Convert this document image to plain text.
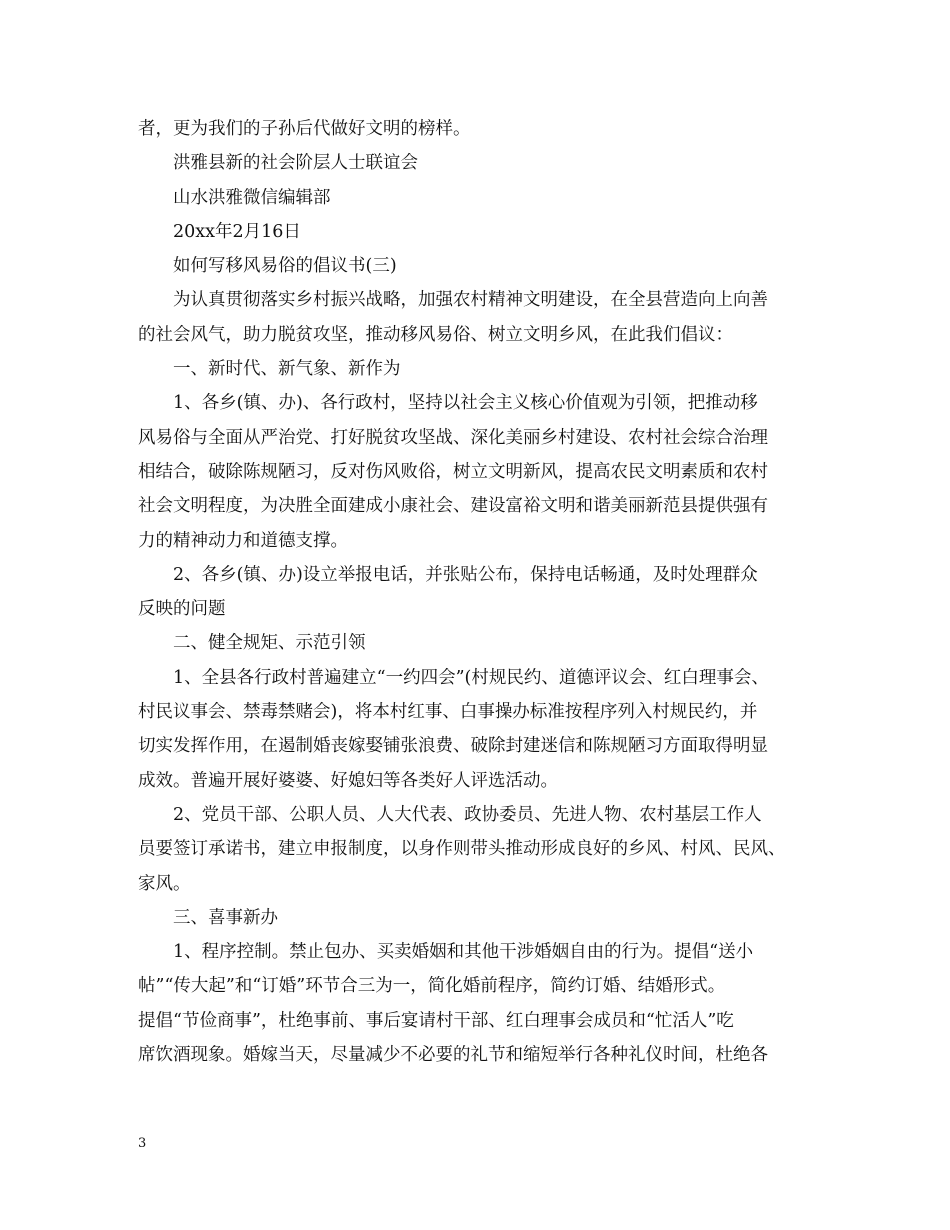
者，更为我们的子孙后代做好文明的榜样。
洪雅县新的社会阶层人士联谊会
山水洪雅微信编辑部
20xx年2月16日
如何写移风易俗的倡议书(三)
为认真贯彻落实乡村振兴战略，加强农村精神文明建设，在全县营造向上向善
的社会风气，助力脱贫攻坚，推动移风易俗、树立文明乡风，在此我们倡议：
一、新时代、新气象、新作为
1、各乡(镇、办)、各行政村，坚持以社会主义核心价值观为引领，把推动移
风易俗与全面从严治党、打好脱贫攻坚战、深化美丽乡村建设、农村社会综合治理
相结合，破除陈规陋习，反对伤风败俗，树立文明新风，提高农民文明素质和农村
社会文明程度，为决胜全面建成小康社会、建设富裕文明和谐美丽新范县提供强有
力的精神动力和道德支撑。
2、各乡(镇、办)设立举报电话，并张贴公布，保持电话畅通，及时处理群众
反映的问题
二、健全规矩、示范引领
1、全县各行政村普遍建立“一约四会”(村规民约、道德评议会、红白理事会、
村民议事会、禁毒禁赌会)，将本村红事、白事操办标准按程序列入村规民约，并
切实发挥作用，在遏制婚丧嫁娶铺张浪费、破除封建迷信和陈规陋习方面取得明显
成效。普遍开展好婆婆、好媳妇等各类好人评选活动。
2、党员干部、公职人员、人大代表、政协委员、先进人物、农村基层工作人
员要签订承诺书，建立申报制度，以身作则带头推动形成良好的乡风、村风、民风、
家风。
三、喜事新办
1、程序控制。禁止包办、买卖婚姻和其他干涉婚姻自由的行为。提倡“送小
帖”“传大起”和“订婚”环节合三为一，简化婚前程序，简约订婚、结婚形式。
提倡“节俭商事”，杜绝事前、事后宴请村干部、红白理事会成员和“忙活人”吃
席饮酒现象。婚嫁当天，尽量减少不必要的礼节和缩短举行各种礼仪时间，杜绝各
3
